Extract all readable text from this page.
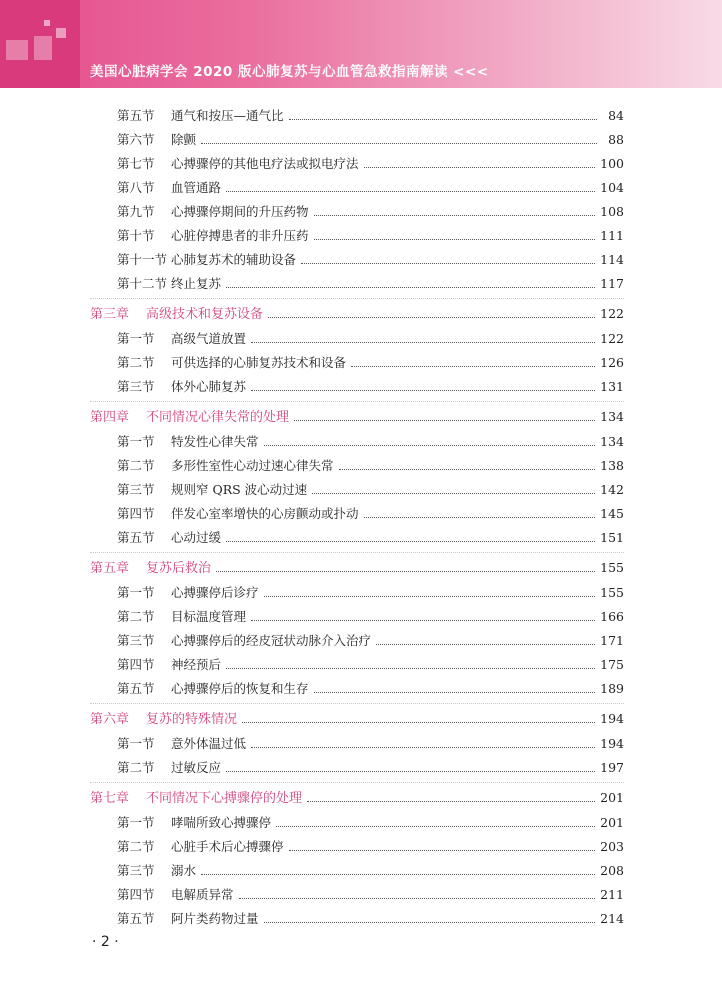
美国心脏病学会 2020 版心肺复苏与心血管急救指南解读 <<<
第五节	通气和按压—通气比	84
第六节	除颤	88
第七节	心搏骤停的其他电疗法或拟电疗法	100
第八节	血管通路	104
第九节	心搏骤停期间的升压药物	108
第十节	心脏停搏患者的非升压药	111
第十一节 心肺复苏术的辅助设备	114
第十二节 终止复苏	117
第三章	高级技术和复苏设备	122
第一节	高级气道放置	122
第二节	可供选择的心肺复苏技术和设备	126
第三节	体外心肺复苏	131
第四章	不同情况心律失常的处理	134
第一节	特发性心律失常	134
第二节	多形性室性心动过速心律失常	138
第三节	规则窄 QRS 波心动过速	142
第四节	伴发心室率增快的心房颤动或扑动	145
第五节	心动过缓	151
第五章	复苏后救治	155
第一节	心搏骤停后诊疗	155
第二节	目标温度管理	166
第三节	心搏骤停后的经皮冠状动脉介入治疗	171
第四节	神经预后	175
第五节	心搏骤停后的恢复和生存	189
第六章	复苏的特殊情况	194
第一节	意外体温过低	194
第二节	过敏反应	197
第七章	不同情况下心搏骤停的处理	201
第一节	哮喘所致心搏骤停	201
第二节	心脏手术后心搏骤停	203
第三节	溺水	208
第四节	电解质异常	211
第五节	阿片类药物过量	214
· 2 ·
